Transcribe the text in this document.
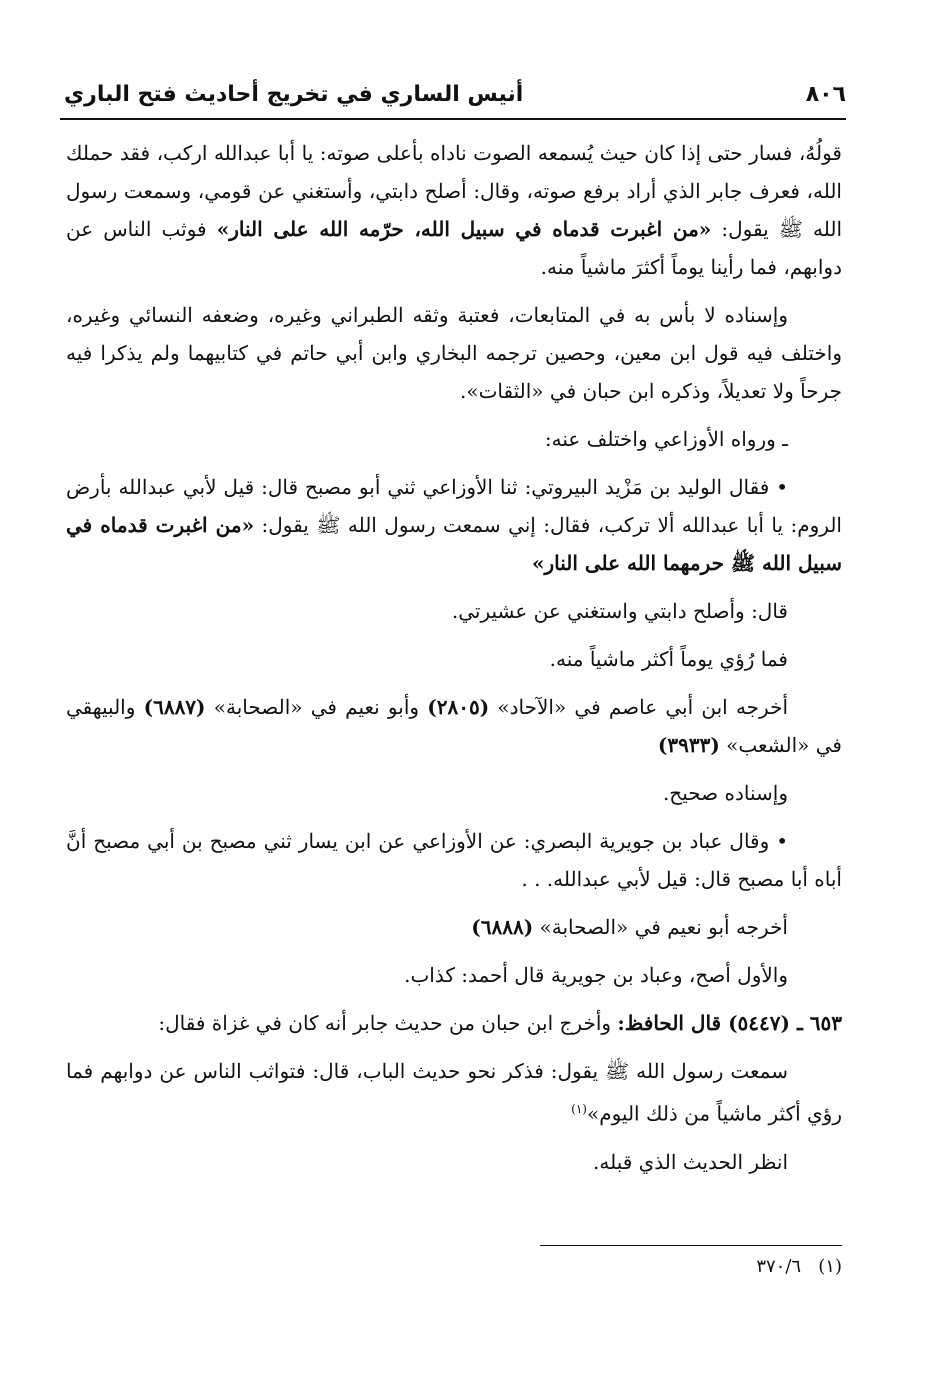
٨٠٦
أنيس الساري في تخريج أحاديث فتح الباري

قولُهُ، فسار حتى إذا كان حيث يُسمعه الصوت ناداه بأعلى صوته: يا أبا عبدالله اركب، فقد حملك الله، فعرف جابر الذي أراد برفع صوته، وقال: أصلح دابتي، وأستغني عن قومي، وسمعت رسول الله ﷺ يقول: «من اغبرت قدماه في سبيل الله، حرّمه الله على النار» فوثب الناس عن دوابهم، فما رأينا يوماً أكثرَ ماشياً منه.

وإسناده لا بأس به في المتابعات، فعتبة وثقه الطبراني وغيره، وضعفه النسائي وغيره، واختلف فيه قول ابن معين، وحصين ترجمه البخاري وابن أبي حاتم في كتابيهما ولم يذكرا فيه جرحاً ولا تعديلاً، وذكره ابن حبان في «الثقات».

ـ ورواه الأوزاعي واختلف عنه:

• فقال الوليد بن مَزْيد البيروتي: ثنا الأوزاعي ثني أبو مصبح قال: قيل لأبي عبدالله بأرض الروم: يا أبا عبدالله ألا تركب، فقال: إني سمعت رسول الله ﷺ يقول: «من اغبرت قدماه في سبيل الله ﷺ حرمهما الله على النار»

قال: وأصلح دابتي واستغني عن عشيرتي.

فما رُؤي يوماً أكثر ماشياً منه.

أخرجه ابن أبي عاصم في «الآحاد» (٢٨٠٥) وأبو نعيم في «الصحابة» (٦٨٨٧) والبيهقي في «الشعب» (٣٩٣٣)

وإسناده صحيح.

• وقال عباد بن جويرية البصري: عن الأوزاعي عن ابن يسار ثني مصبح بن أبي مصبح أنَّ أباه أبا مصبح قال: قيل لأبي عبدالله. . .

أخرجه أبو نعيم في «الصحابة» (٦٨٨٨)

والأول أصح، وعباد بن جويرية قال أحمد: كذاب.

٦٥٣ ـ (٥٤٤٧) قال الحافظ: وأخرج ابن حبان من حديث جابر أنه كان في غزاة فقال:

سمعت رسول الله ﷺ يقول: فذكر نحو حديث الباب، قال: فتواثب الناس عن دوابهم فما رؤي أكثر ماشياً من ذلك اليوم»$^{(١)}$

انظر الحديث الذي قبله.

(١)   ٣٧٠/٦
